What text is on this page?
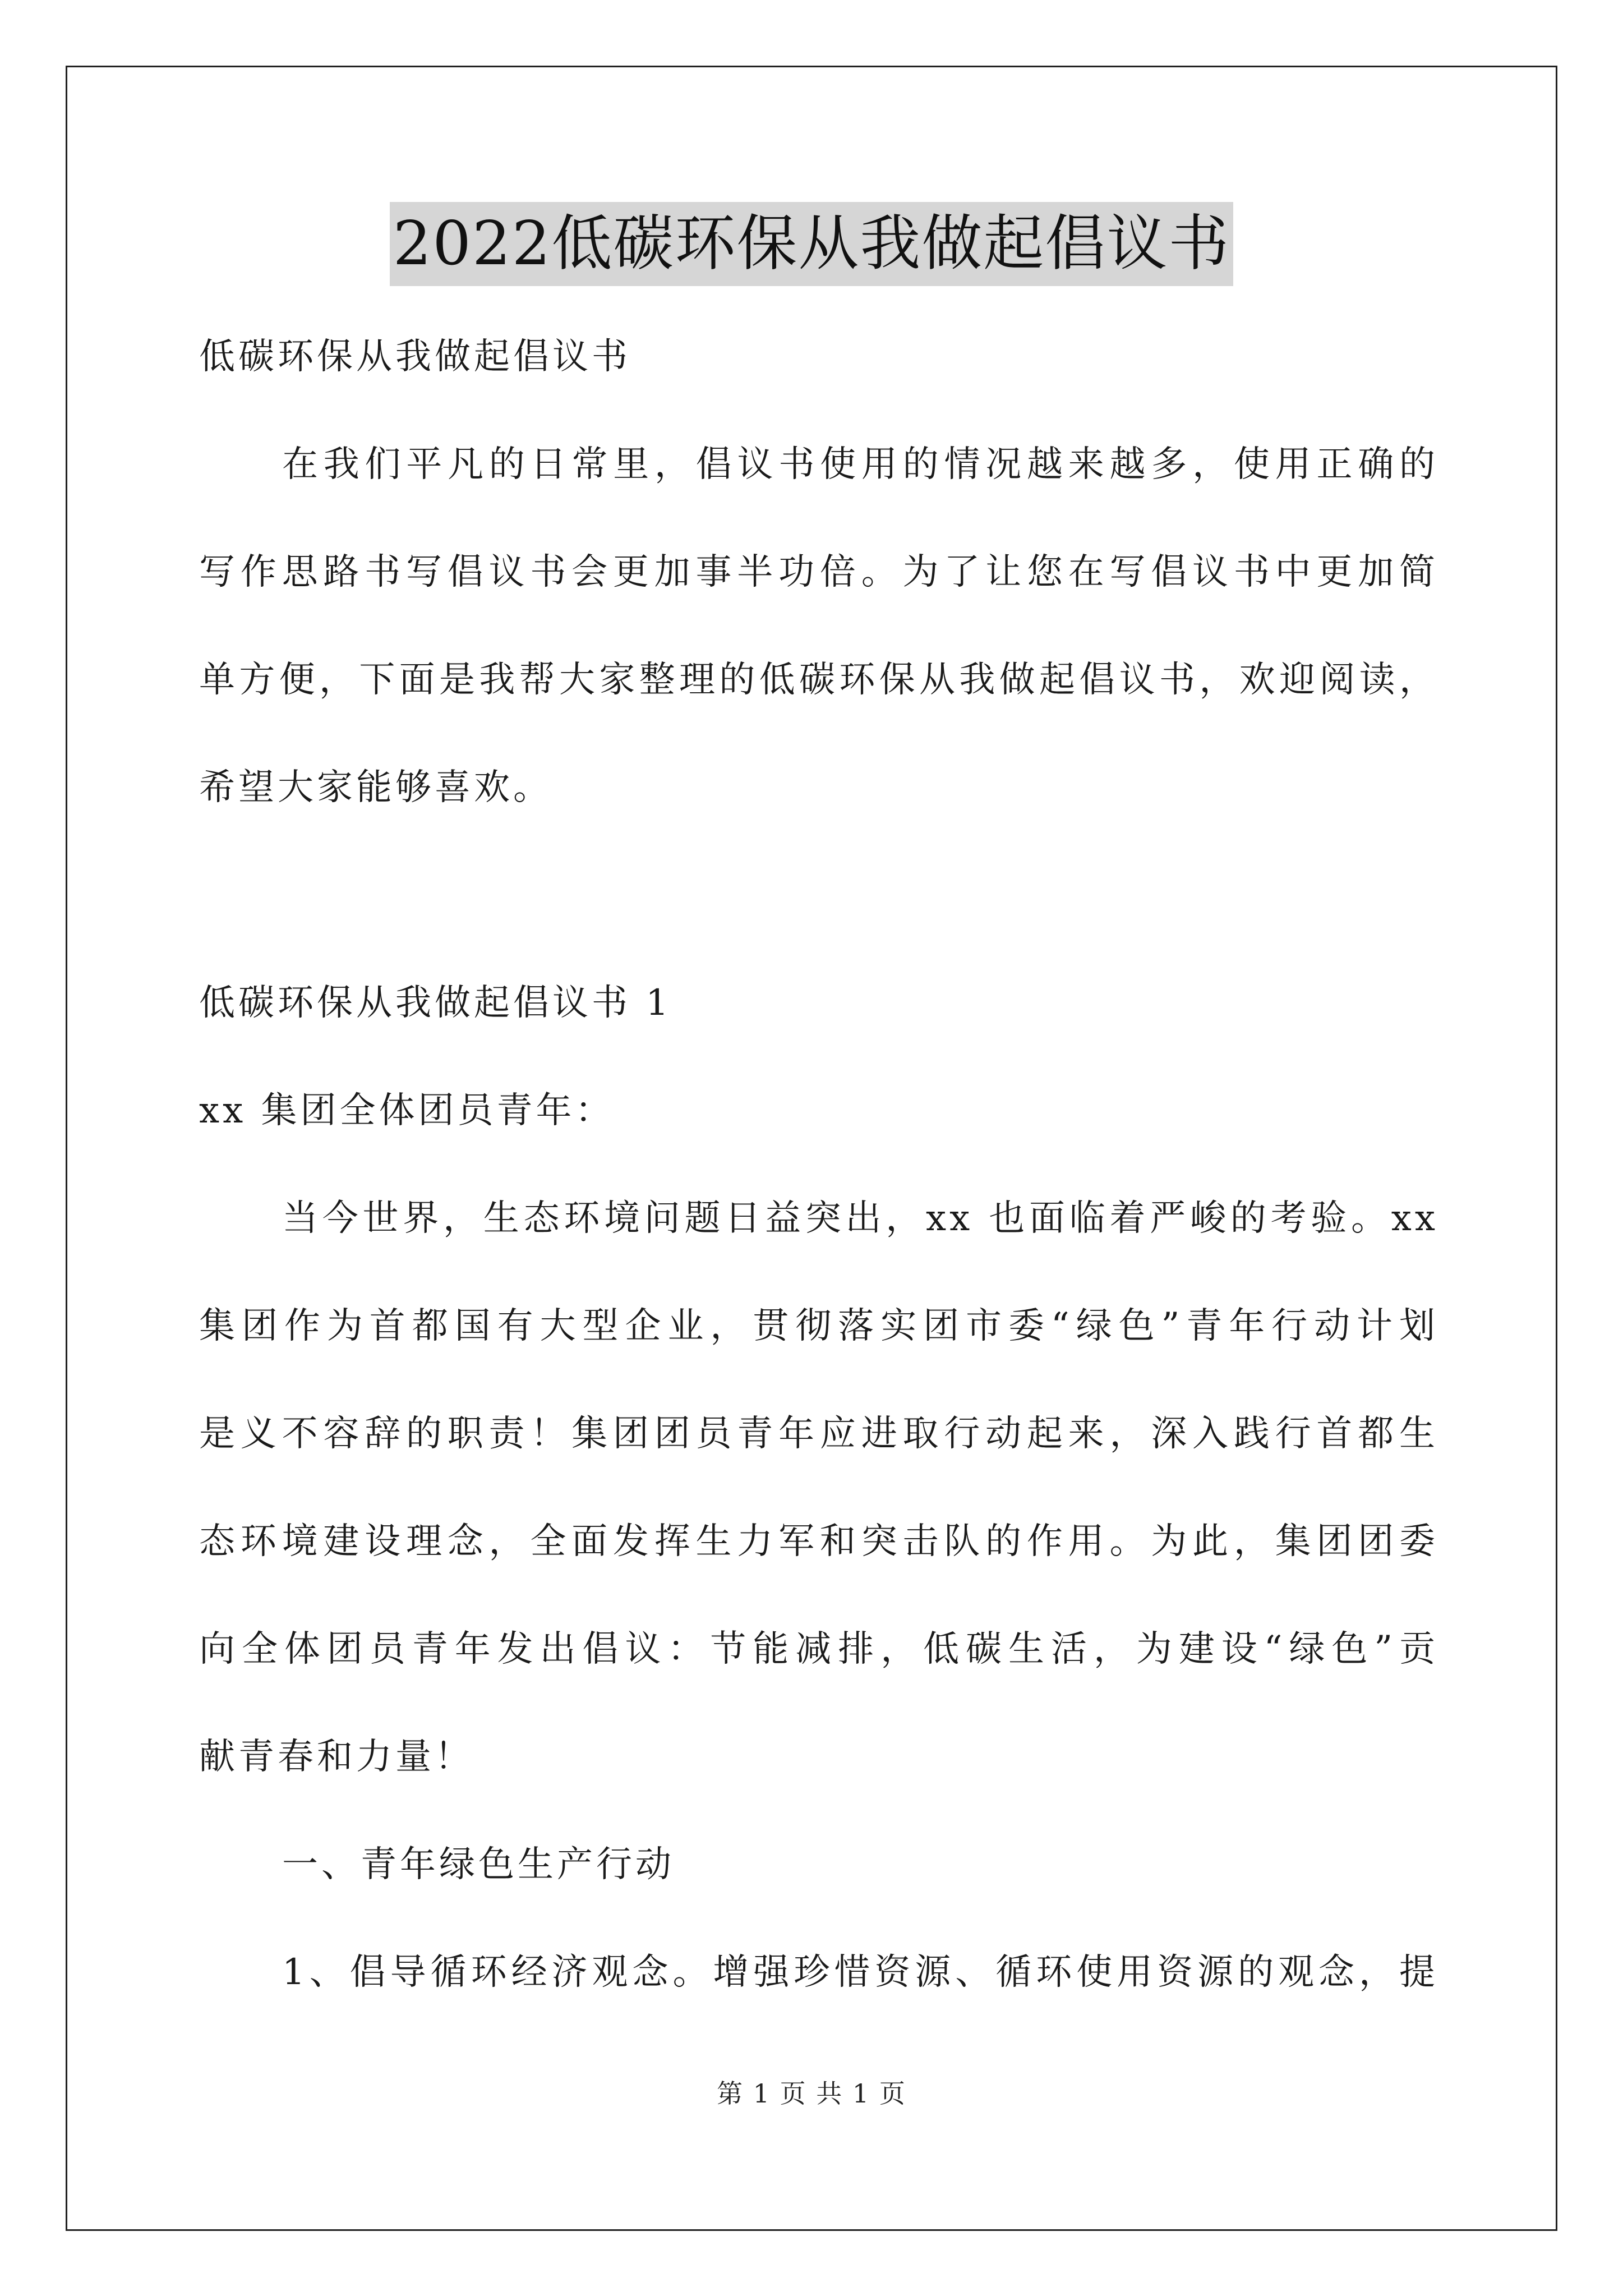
2022低碳环保从我做起倡议书
低碳环保从我做起倡议书
在我们平凡的日常里，倡议书使用的情况越来越多，使用正确的
写作思路书写倡议书会更加事半功倍。为了让您在写倡议书中更加简
单方便，下面是我帮大家整理的低碳环保从我做起倡议书，欢迎阅读，
希望大家能够喜欢。
低碳环保从我做起倡议书 1
xx 集团全体团员青年：
当今世界，生态环境问题日益突出，xx 也面临着严峻的考验。xx
集团作为首都国有大型企业，贯彻落实团市委“绿色”青年行动计划
是义不容辞的职责！集团团员青年应进取行动起来，深入践行首都生
态环境建设理念，全面发挥生力军和突击队的作用。为此，集团团委
向全体团员青年发出倡议：节能减排，低碳生活，为建设“绿色”贡
献青春和力量！
一、青年绿色生产行动
1、倡导循环经济观念。增强珍惜资源、循环使用资源的观念，提
第 1 页 共 1 页
